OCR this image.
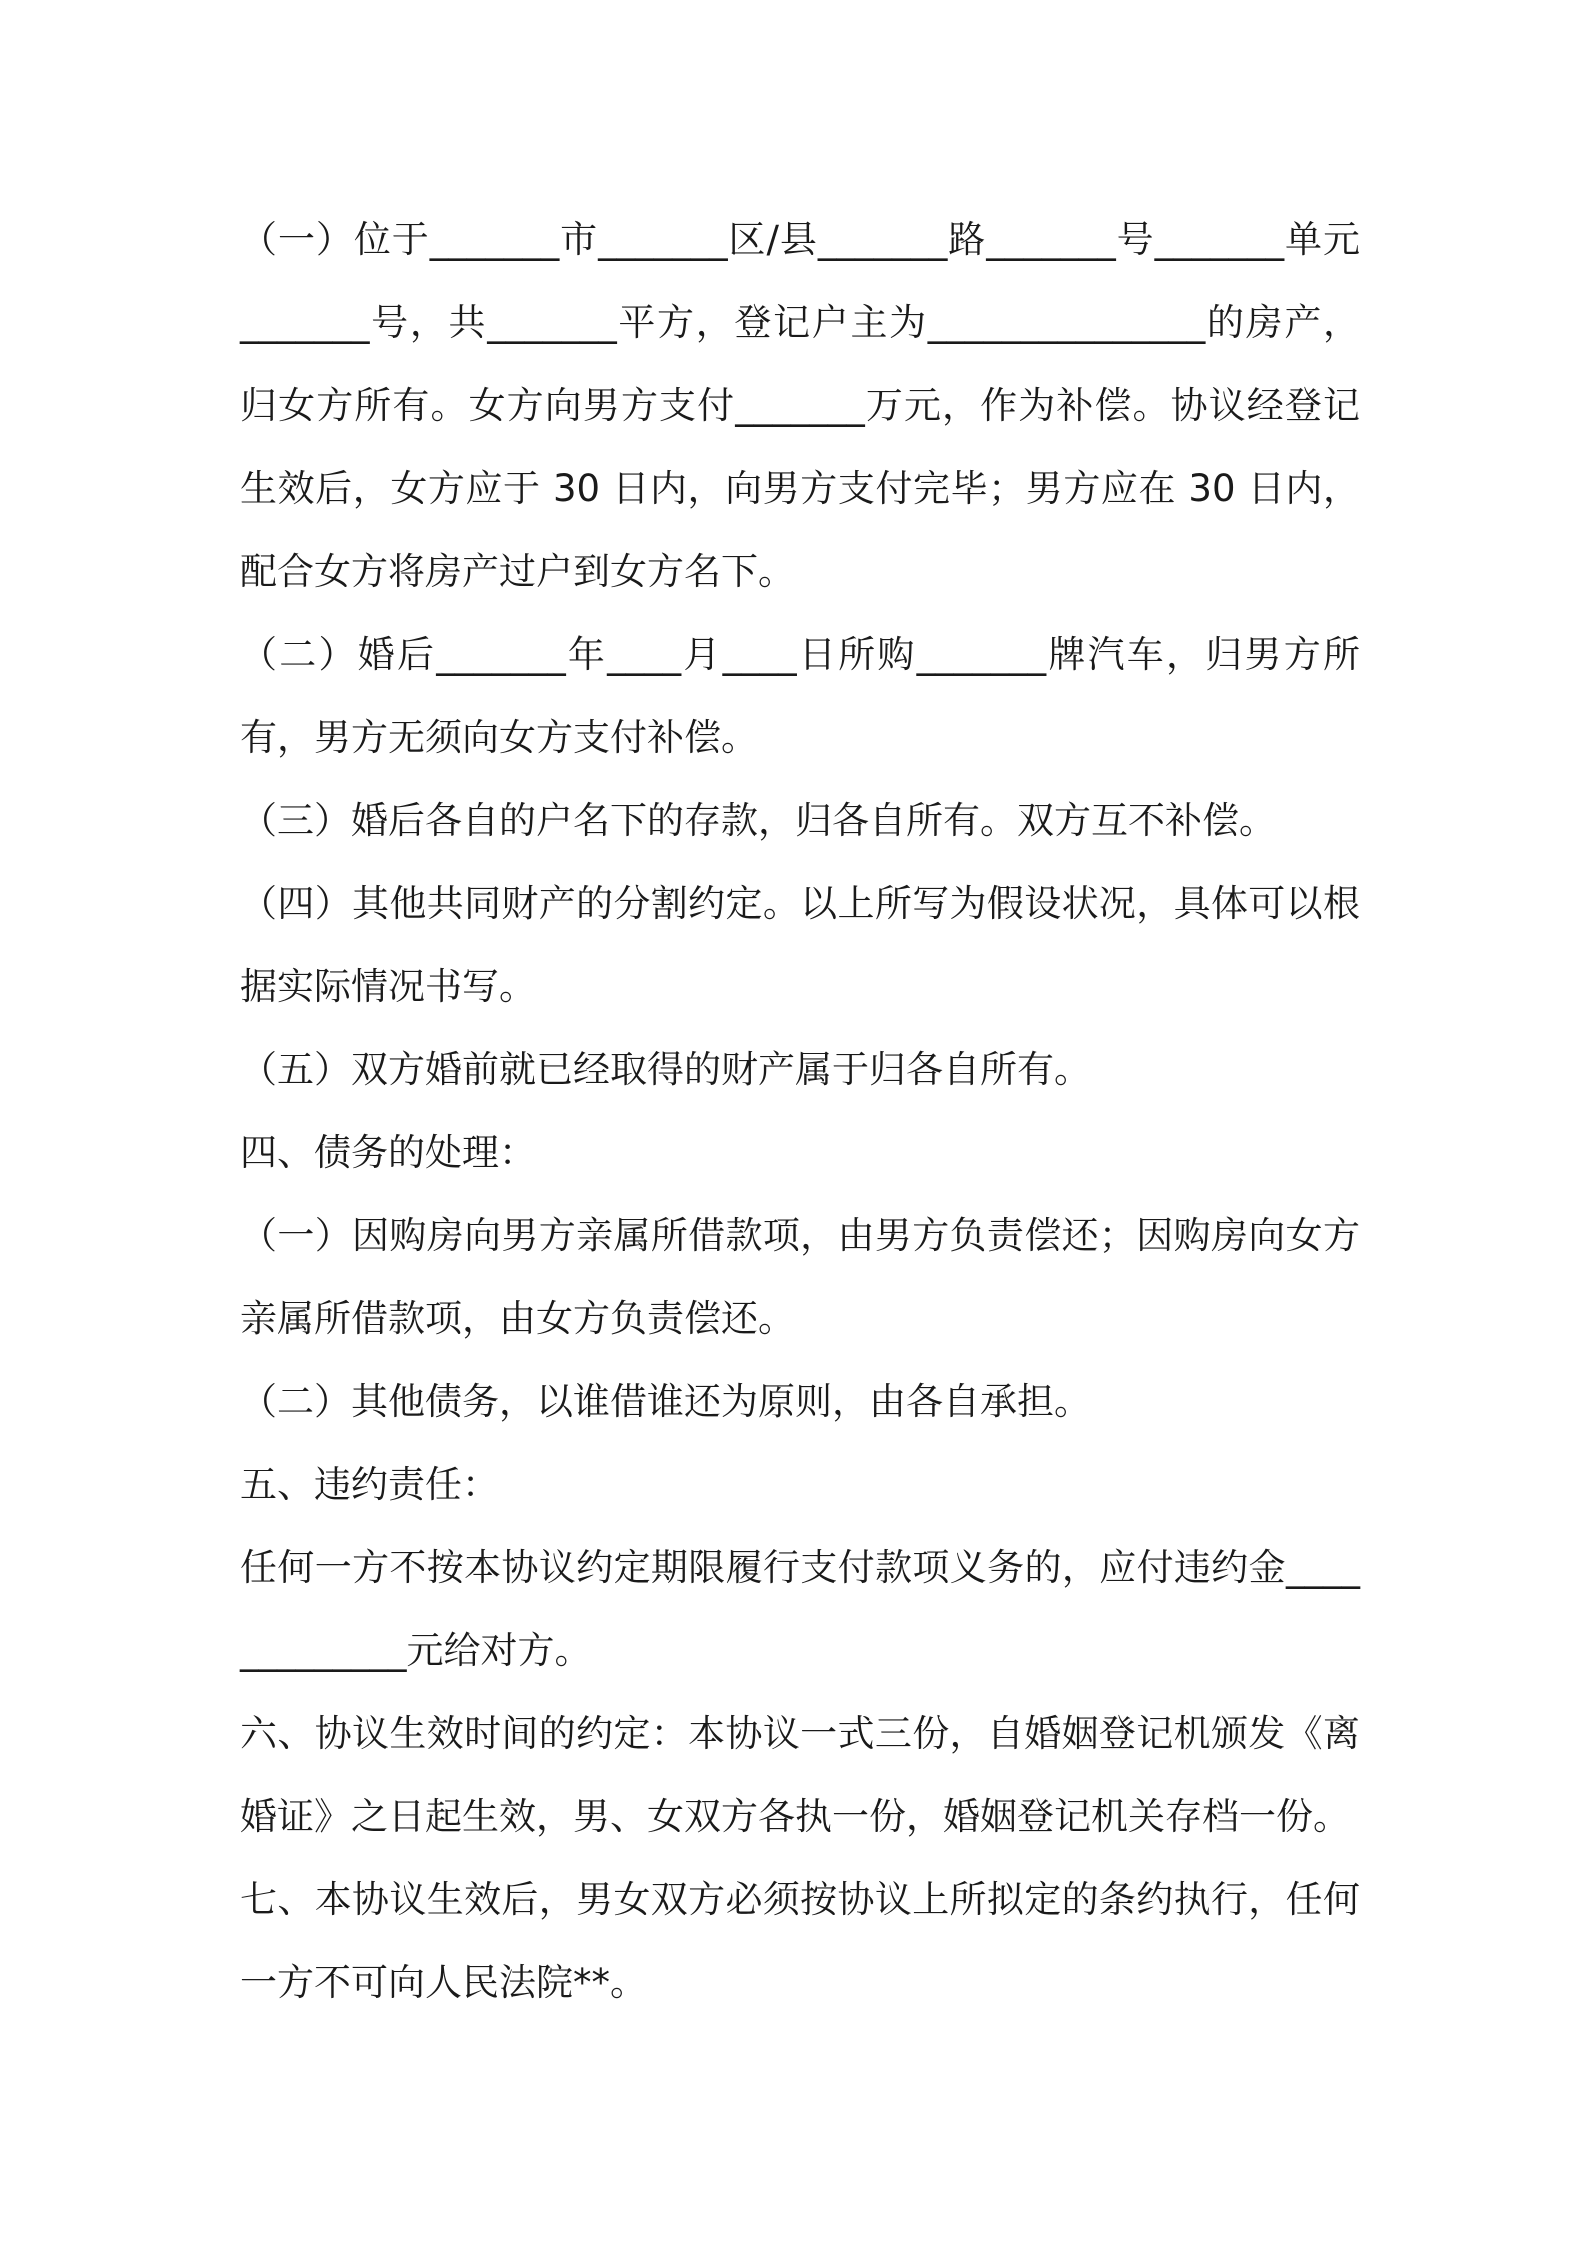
（一）位于_______市_______区/县_______路_______号_______单元_______号，共_______平方，登记户主为_______________的房产，归女方所有。女方向男方支付_______万元，作为补偿。协议经登记生效后，女方应于 30 日内，向男方支付完毕；男方应在 30 日内，配合女方将房产过户到女方名下。

（二）婚后_______年____月____日所购_______牌汽车，归男方所有，男方无须向女方支付补偿。

（三）婚后各自的户名下的存款，归各自所有。双方互不补偿。

（四）其他共同财产的分割约定。以上所写为假设状况，具体可以根据实际情况书写。

（五）双方婚前就已经取得的财产属于归各自所有。

四、债务的处理：

（一）因购房向男方亲属所借款项，由男方负责偿还；因购房向女方亲属所借款项，由女方负责偿还。

（二）其他债务，以谁借谁还为原则，由各自承担。

五、违约责任：

任何一方不按本协议约定期限履行支付款项义务的，应付违约金_____________元给对方。

六、协议生效时间的约定：本协议一式三份，自婚姻登记机颁发《离婚证》之日起生效，男、女双方各执一份，婚姻登记机关存档一份。

七、本协议生效后，男女双方必须按协议上所拟定的条约执行，任何一方不可向人民法院**。
